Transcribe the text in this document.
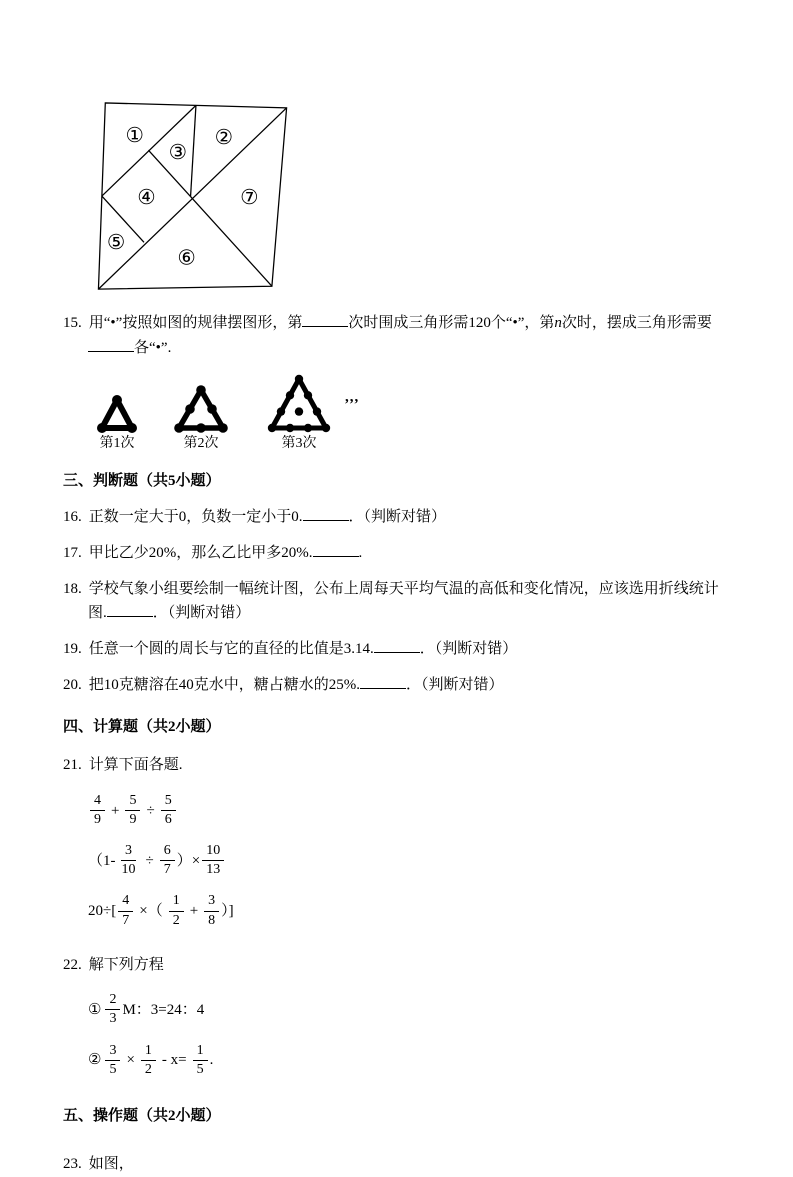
①	②
③
④
⑤
⑥
⑦

15. 用“•”按照如图的规律摆图形，第	次时围成三角形需120个“•”，第n次时，摆成三角形需要各“•”.

第1次	第2次	第3次
,,,

三、判断题（共5小题）

16. 正数一定大于0，负数一定小于0.	．（判断对错）

17. 甲比乙少20%，那么乙比甲多20%.	.

18. 学校气象小组要绘制一幅统计图，公布上周每天平均气温的高低和变化情况，应该选用折线统计图.	．（判断对错）

19. 任意一个圆的周长与它的直径的比值是3.14.	．（判断对错）

20. 把10克糖溶在40克水中，糖占糖水的25%.	．（判断对错）

四、计算题（共2小题）

21. 计算下面各题.

$\frac{4}{9} + \frac{5}{9} \div \frac{5}{6}$
（$1- \frac{3}{10} \div \frac{6}{7}$ ）× $\frac{10}{13}$
$20\div[ \frac{4}{7}$ ×（ $\frac{1}{2} + \frac{3}{8}$ ）]

22. 解下列方程

① $\frac{2}{3}$ M：3=24：4
② $\frac{3}{5} \times \frac{1}{2} - x= \frac{1}{5}$ .

五、操作题（共2小题）

23. 如图，
